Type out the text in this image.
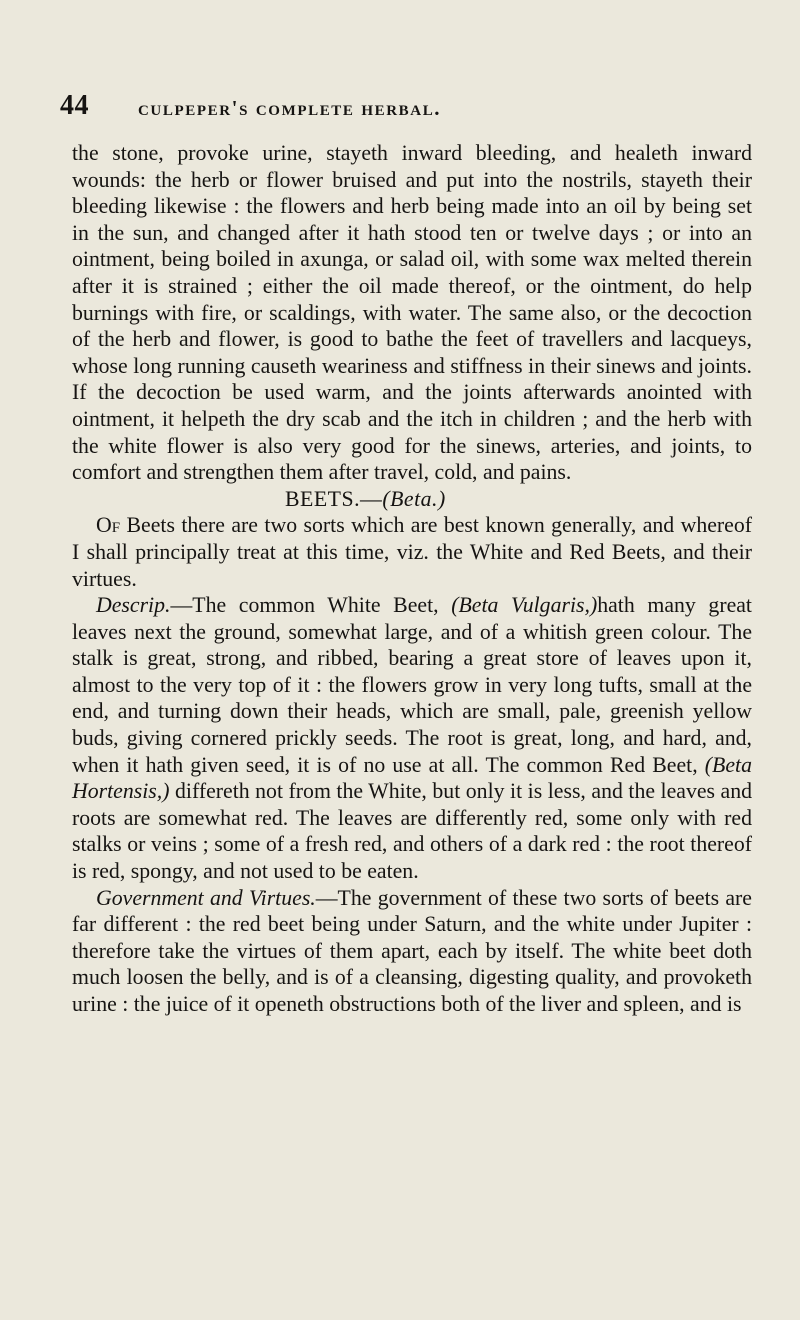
44 culpeper's complete herbal.

the stone, provoke urine, stayeth inward bleeding, and healeth inward wounds: the herb or flower bruised and put into the nostrils, stayeth their bleeding likewise : the flowers and herb being made into an oil by being set in the sun, and changed after it hath stood ten or twelve days ; or into an ointment, being boiled in axunga, or salad oil, with some wax melted therein after it is strained ; either the oil made thereof, or the ointment, do help burnings with fire, or scaldings, with water. The same also, or the decoction of the herb and flower, is good to bathe the feet of travellers and lacqueys, whose long running causeth weariness and stiffness in their sinews and joints. If the decoction be used warm, and the joints afterwards anointed with ointment, it helpeth the dry scab and the itch in children ; and the herb with the white flower is also very good for the sinews, arteries, and joints, to comfort and strengthen them after travel, cold, and pains.

BEETS.—(Beta.)

Of Beets there are two sorts which are best known generally, and whereof I shall principally treat at this time, viz. the White and Red Beets, and their virtues.

Descrip.—The common White Beet, (Beta Vulgaris,)hath many great leaves next the ground, somewhat large, and of a whitish green colour. The stalk is great, strong, and ribbed, bearing a great store of leaves upon it, almost to the very top of it : the flowers grow in very long tufts, small at the end, and turning down their heads, which are small, pale, greenish yellow buds, giving cornered prickly seeds. The root is great, long, and hard, and, when it hath given seed, it is of no use at all. The common Red Beet, (Beta Hortensis,) differeth not from the White, but only it is less, and the leaves and roots are somewhat red. The leaves are differently red, some only with red stalks or veins ; some of a fresh red, and others of a dark red : the root thereof is red, spongy, and not used to be eaten.

Government and Virtues.—The government of these two sorts of beets are far different : the red beet being under Saturn, and the white under Jupiter : therefore take the virtues of them apart, each by itself. The white beet doth much loosen the belly, and is of a cleansing, digesting quality, and provoketh urine : the juice of it openeth obstructions both of the liver and spleen, and is
